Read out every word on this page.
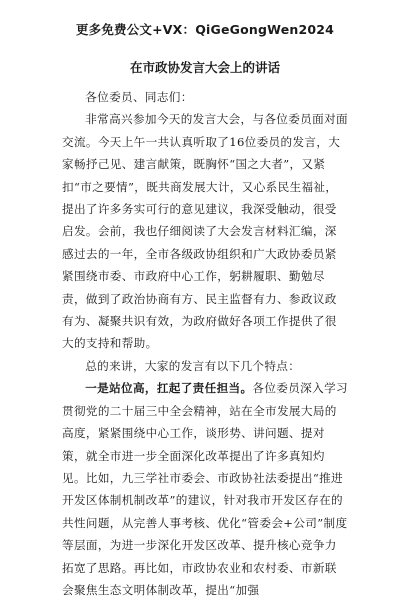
更多免费公文+VX：QiGeGongWen2024
在市政协发言大会上的讲话

各位委员、同志们：

非常高兴参加今天的发言大会，与各位委员面对面交流。今天上午一共认真听取了16位委员的发言，大家畅抒己见、建言献策，既胸怀“国之大者”，又紧扣“市之要情”，既共商发展大计，又心系民生福祉，提出了许多务实可行的意见建议，我深受触动，很受启发。会前，我也仔细阅读了大会发言材料汇编，深感过去的一年，全市各级政协组织和广大政协委员紧紧围绕市委、市政府中心工作，躬耕履职、勤勉尽责，做到了政治协商有方、民主监督有力、参政议政有为、凝聚共识有效，为政府做好各项工作提供了很大的支持和帮助。

总的来讲，大家的发言有以下几个特点：

一是站位高，扛起了责任担当。各位委员深入学习贯彻党的二十届三中全会精神，站在全市发展大局的高度，紧紧围绕中心工作，谈形势、讲问题、提对策，就全市进一步全面深化改革提出了许多真知灼见。比如，九三学社市委会、市政协社法委提出“推进开发区体制机制改革”的建议，针对我市开发区存在的共性问题，从完善人事考核、优化“管委会+公司”制度等层面，为进一步深化开发区改革、提升核心竞争力拓宽了思路。再比如，市政协农业和农村委、市新联会聚焦生态文明体制改革，提出“加强
